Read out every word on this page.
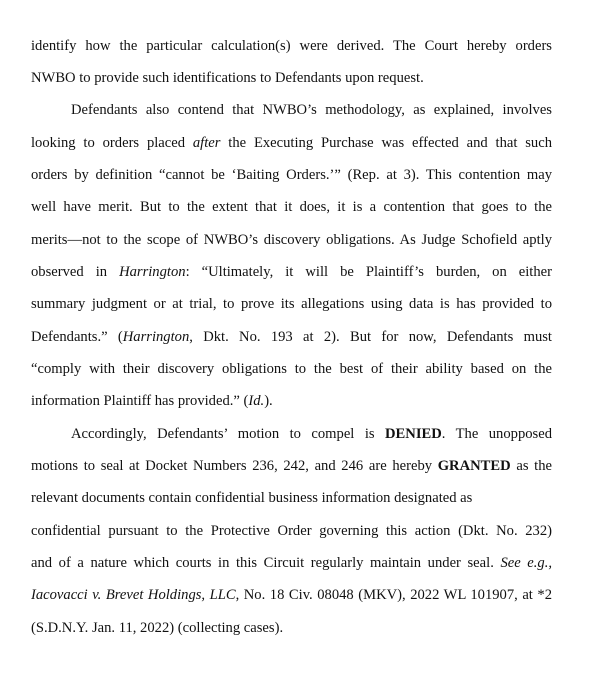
identify how the particular calculation(s) were derived. The Court hereby orders
NWBO to provide such identifications to Defendants upon request.
Defendants also contend that NWBO’s methodology, as explained, involves
looking to orders placed after the Executing Purchase was effected and that such
orders by definition “cannot be ‘Baiting Orders.’” (Rep. at 3). This contention may
well have merit. But to the extent that it does, it is a contention that goes to the
merits—not to the scope of NWBO’s discovery obligations. As Judge Schofield aptly
observed in Harrington: “Ultimately, it will be Plaintiff’s burden, on either
summary judgment or at trial, to prove its allegations using data is has provided to
Defendants.” (Harrington, Dkt. No. 193 at 2). But for now, Defendants must
“comply with their discovery obligations to the best of their ability based on the
information Plaintiff has provided.” (Id.).
Accordingly, Defendants’ motion to compel is DENIED. The unopposed
motions to seal at Docket Numbers 236, 242, and 246 are hereby GRANTED as the
relevant documents contain confidential business information designated as
confidential pursuant to the Protective Order governing this action (Dkt. No. 232)
and of a nature which courts in this Circuit regularly maintain under seal. See e.g.,
Iacovacci v. Brevet Holdings, LLC, No. 18 Civ. 08048 (MKV), 2022 WL 101907, at *2
(S.D.N.Y. Jan. 11, 2022) (collecting cases).
